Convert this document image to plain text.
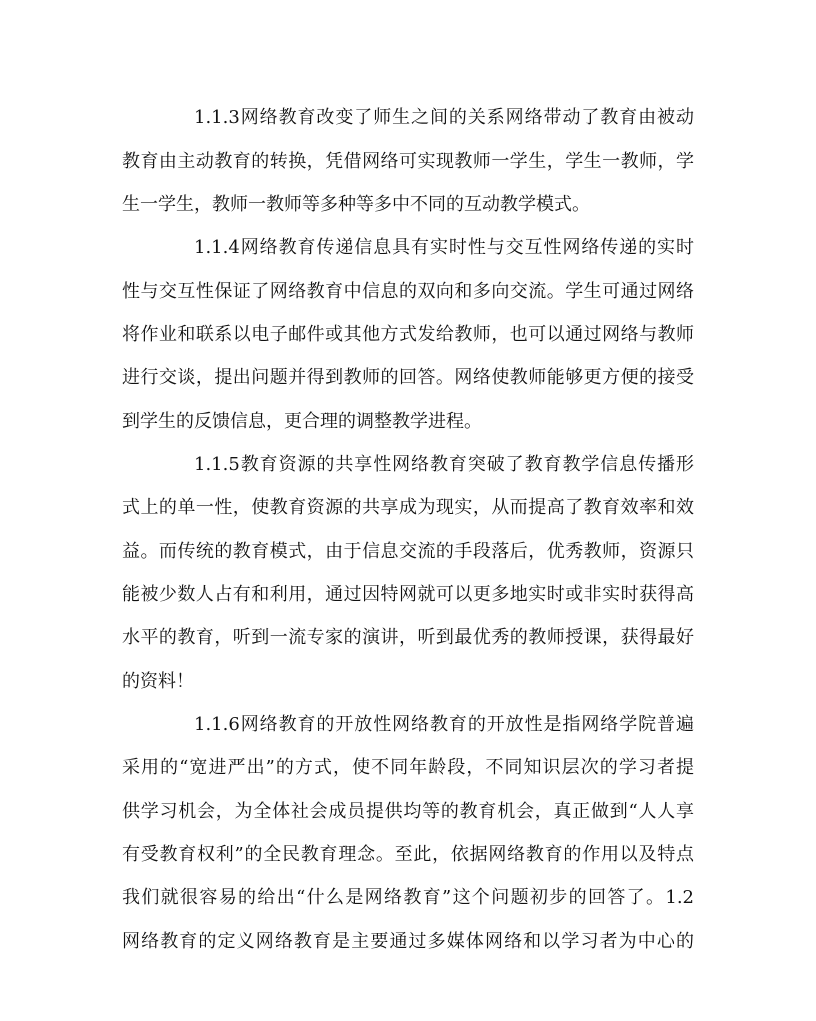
1.1.3网络教育改变了师生之间的关系网络带动了教育由被动
教育由主动教育的转换，凭借网络可实现教师一学生，学生一教师，学
生一学生，教师一教师等多种等多中不同的互动教学模式。
1.1.4网络教育传递信息具有实时性与交互性网络传递的实时
性与交互性保证了网络教育中信息的双向和多向交流。学生可通过网络
将作业和联系以电子邮件或其他方式发给教师，也可以通过网络与教师
进行交谈，提出问题并得到教师的回答。网络使教师能够更方便的接受
到学生的反馈信息，更合理的调整教学进程。
1.1.5教育资源的共享性网络教育突破了教育教学信息传播形
式上的单一性，使教育资源的共享成为现实，从而提高了教育效率和效
益。而传统的教育模式，由于信息交流的手段落后，优秀教师，资源只
能被少数人占有和利用，通过因特网就可以更多地实时或非实时获得高
水平的教育，听到一流专家的演讲，听到最优秀的教师授课，获得最好
的资料！
1.1.6网络教育的开放性网络教育的开放性是指网络学院普遍
采用的“宽进严出”的方式，使不同年龄段，不同知识层次的学习者提
供学习机会，为全体社会成员提供均等的教育机会，真正做到“人人享
有受教育权利”的全民教育理念。至此，依据网络教育的作用以及特点
我们就很容易的给出“什么是网络教育”这个问题初步的回答了。1.2
网络教育的定义网络教育是主要通过多媒体网络和以学习者为中心的
